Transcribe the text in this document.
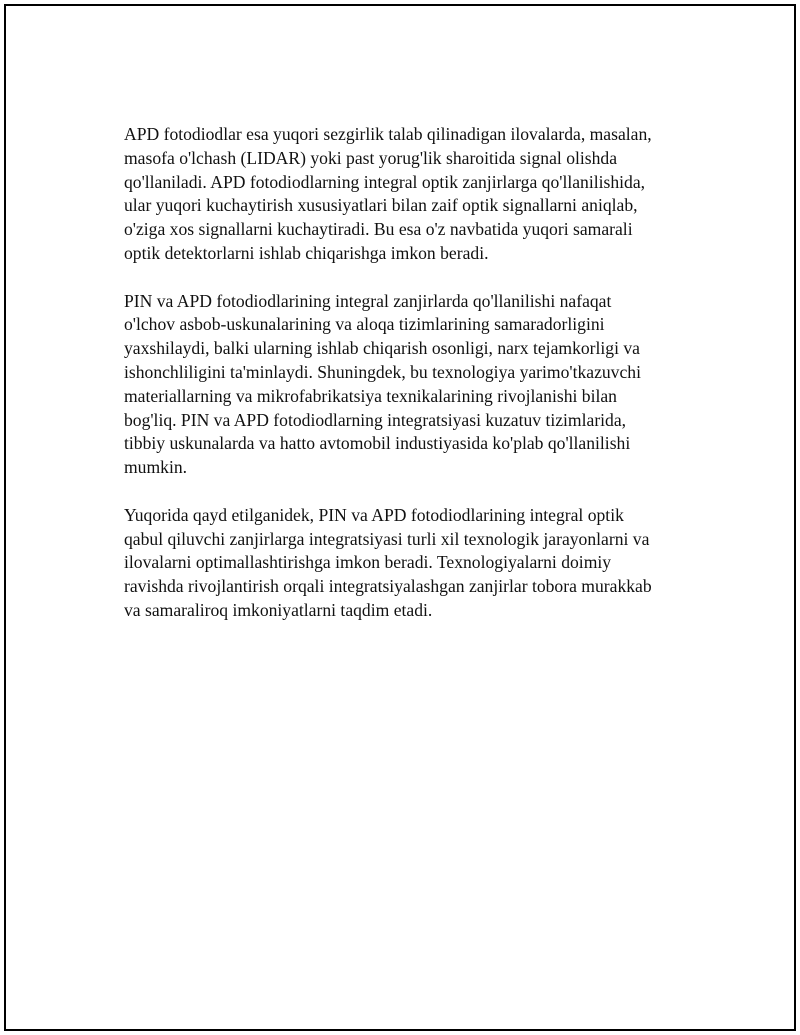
APD fotodiodlar esa yuqori sezgirlik talab qilinadigan ilovalarda, masalan,
masofa o'lchash (LIDAR) yoki past yorug'lik sharoitida signal olishda
qo'llaniladi. APD fotodiodlarning integral optik zanjirlarga qo'llanilishida,
ular yuqori kuchaytirish xususiyatlari bilan zaif optik signallarni aniqlab,
o'ziga xos signallarni kuchaytiradi. Bu esa o'z navbatida yuqori samarali
optik detektorlarni ishlab chiqarishga imkon beradi.

PIN va APD fotodiodlarining integral zanjirlarda qo'llanilishi nafaqat
o'lchov asbob-uskunalarining va aloqa tizimlarining samaradorligini
yaxshilaydi, balki ularning ishlab chiqarish osonligi, narx tejamkorligi va
ishonchliligini ta'minlaydi. Shuningdek, bu texnologiya yarimo'tkazuvchi
materiallarning va mikrofabrikatsiya texnikalarining rivojlanishi bilan
bog'liq. PIN va APD fotodiodlarning integratsiyasi kuzatuv tizimlarida,
tibbiy uskunalarda va hatto avtomobil industiyasida ko'plab qo'llanilishi
mumkin.

Yuqorida qayd etilganidek, PIN va APD fotodiodlarining integral optik
qabul qiluvchi zanjirlarga integratsiyasi turli xil texnologik jarayonlarni va
ilovalarni optimallashtirishga imkon beradi. Texnologiyalarni doimiy
ravishda rivojlantirish orqali integratsiyalashgan zanjirlar tobora murakkab
va samaraliroq imkoniyatlarni taqdim etadi.
